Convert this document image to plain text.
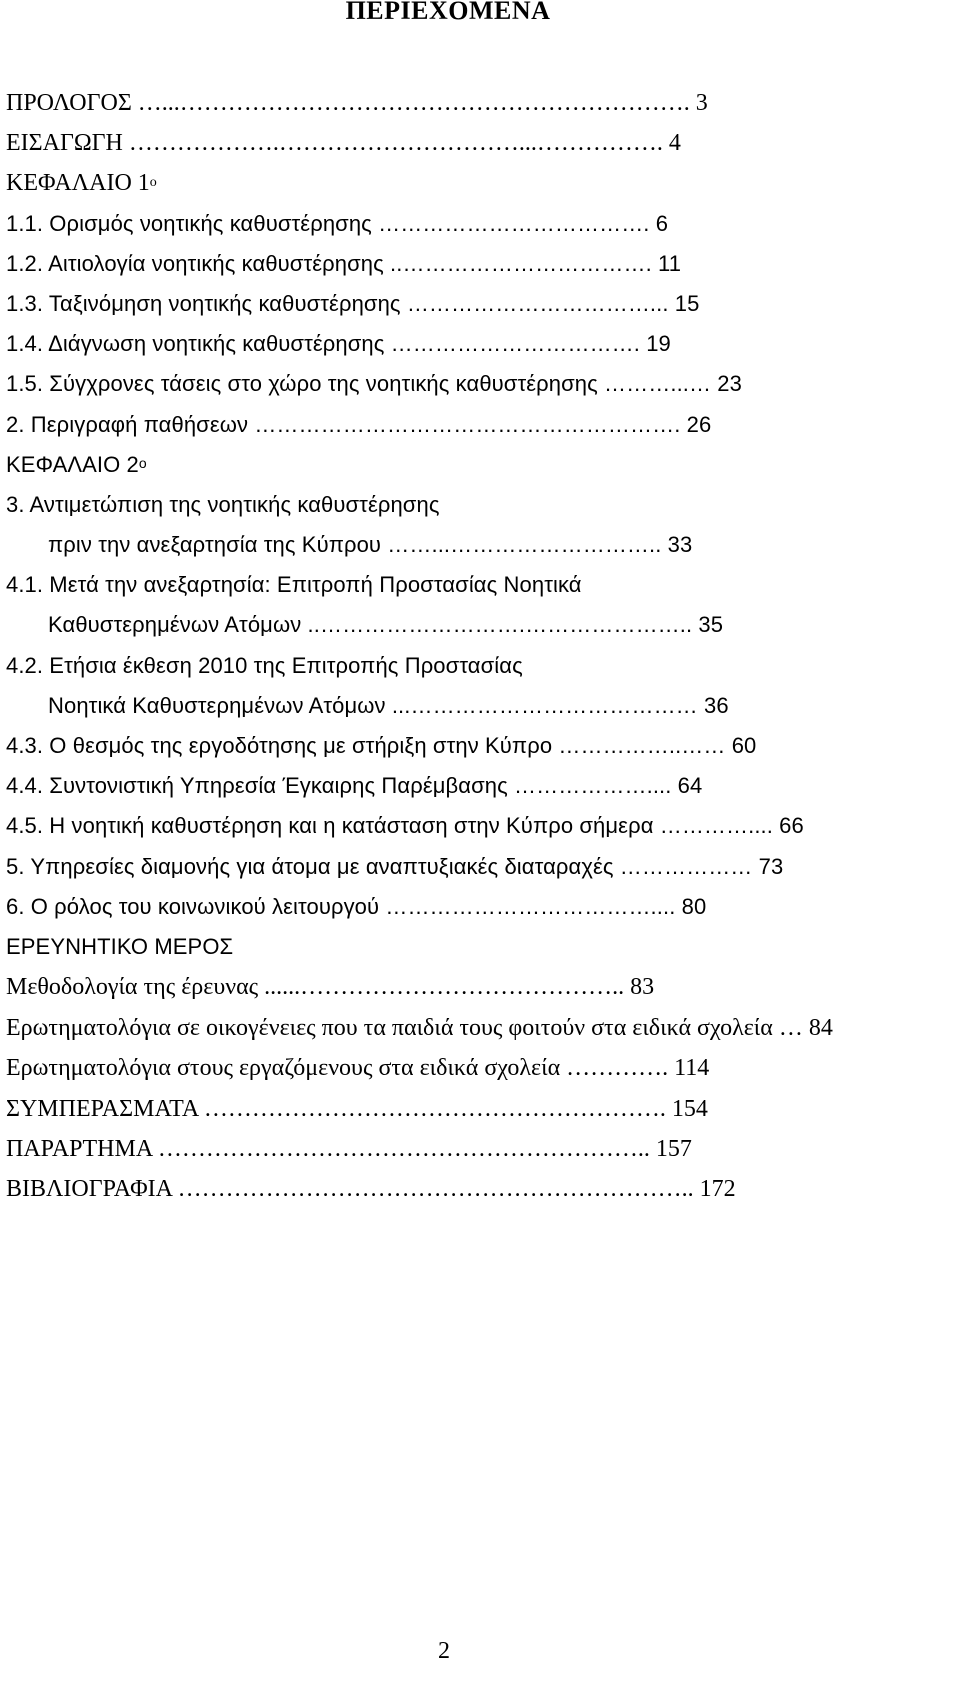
ΠΕΡΙΕΧΟΜΕΝΑ
ΠΡΟΛΟΓΟΣ …...………………………………………………………. 3
ΕΙΣΑΓΩΓΗ ……………….…………………………...……………. 4
ΚΕΦΑΛΑΙΟ $1^o$
1.1. Ορισμός νοητικής καθυστέρησης ………………………………. 6
1.2. Αιτιολογία νοητικής καθυστέρησης ..……………………………. 11
1.3. Ταξινόμηση νοητικής καθυστέρησης ……………………………... 15
1.4. Διάγνωση νοητικής καθυστέρησης ……………………………. 19
1.5. Σύγχρονες τάσεις στο χώρο της νοητικής καθυστέρησης ………...… 23
2. Περιγραφή παθήσεων …………………………………………………. 26
ΚΕΦΑΛΑΙΟ $2^o$
3. Αντιμετώπιση της νοητικής καθυστέρησης
πριν την ανεξαρτησία της Κύπρου ……...……………………….. 33
4.1. Μετά την ανεξαρτησία: Επιτροπή Προστασίας Νοητικά
Καθυστερημένων Ατόμων ..……………………….………………….. 35
4.2. Ετήσια έκθεση 2010 της Επιτροπής Προστασίας
Νοητικά Καθυστερημένων Ατόμων ...………………………………… 36
4.3. Ο θεσμός της εργοδότησης με στήριξη στην Κύπρο ……………..…… 60
4.4. Συντονιστική Υπηρεσία Έγκαιρης Παρέμβασης ……………….... 64
4.5. Η νοητική καθυστέρηση και η κατάσταση στην Κύπρο σήμερα ………….... 66
5. Υπηρεσίες διαμονής για άτομα με αναπτυξιακές διαταραχές ……………… 73
6. Ο ρόλος του κοινωνικού λειτουργού ……………………………….... 80
ΕΡΕΥΝΗΤΙΚΟ ΜΕΡΟΣ
Μεθοδολογία της έρευνας ......………………………………….. 83
Ερωτηματολόγια σε οικογένειες που τα παιδιά τους φοιτούν στα ειδικά σχολεία … 84
Ερωτηματολόγια στους εργαζόμενους στα ειδικά σχολεία …………. 114
ΣΥΜΠΕΡΑΣΜΑΤΑ …………………………………………………. 154
ΠΑΡΑΡΤΗΜΑ …………………………………………………….. 157
ΒΙΒΛΙΟΓΡΑΦΙΑ ……………………………………………………….. 172
2
